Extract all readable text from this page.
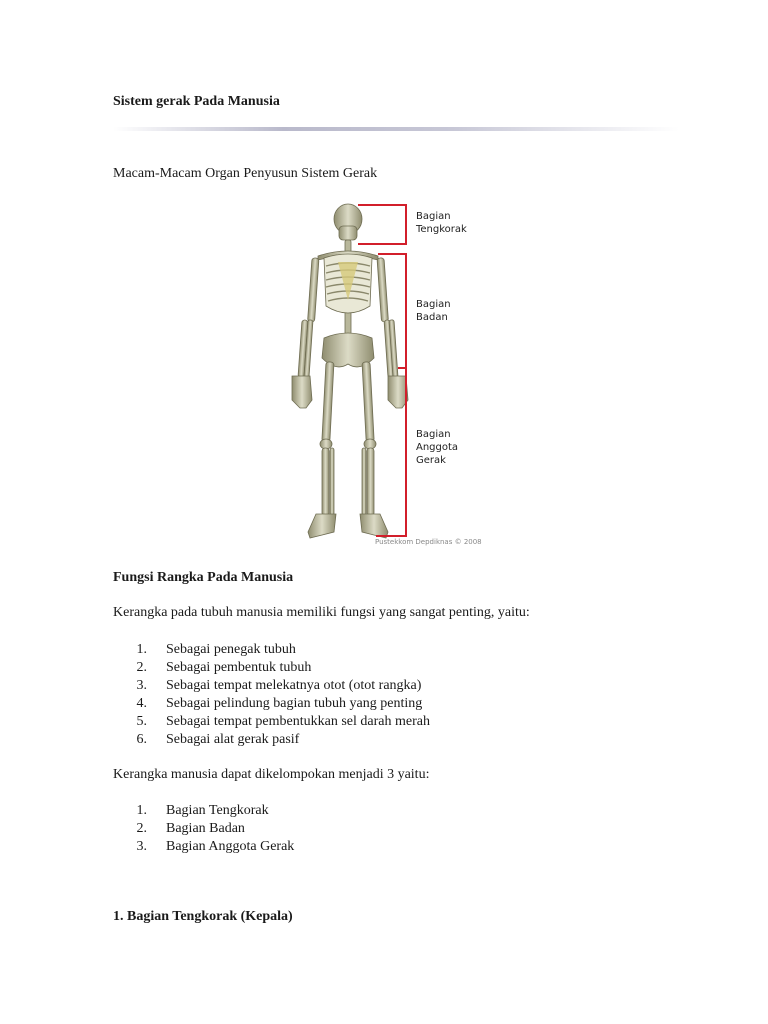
Sistem gerak Pada Manusia

Macam-Macam Organ Penyusun Sistem Gerak

Bagian
Tengkorak
Bagian
Badan
Bagian
Anggota
Gerak
Pustekkom Depdiknas © 2008
Fungsi Rangka Pada Manusia

Kerangka pada tubuh manusia memiliki fungsi yang sangat penting, yaitu:

1. Sebagai penegak tubuh
2. Sebagai pembentuk tubuh
3. Sebagai tempat melekatnya otot (otot rangka)
4. Sebagai pelindung bagian tubuh yang penting
5. Sebagai tempat pembentukkan sel darah merah
6. Sebagai alat gerak pasif

Kerangka manusia dapat dikelompokan menjadi 3 yaitu:

1. Bagian Tengkorak
2. Bagian Badan
3. Bagian Anggota Gerak
1. Bagian Tengkorak (Kepala)
